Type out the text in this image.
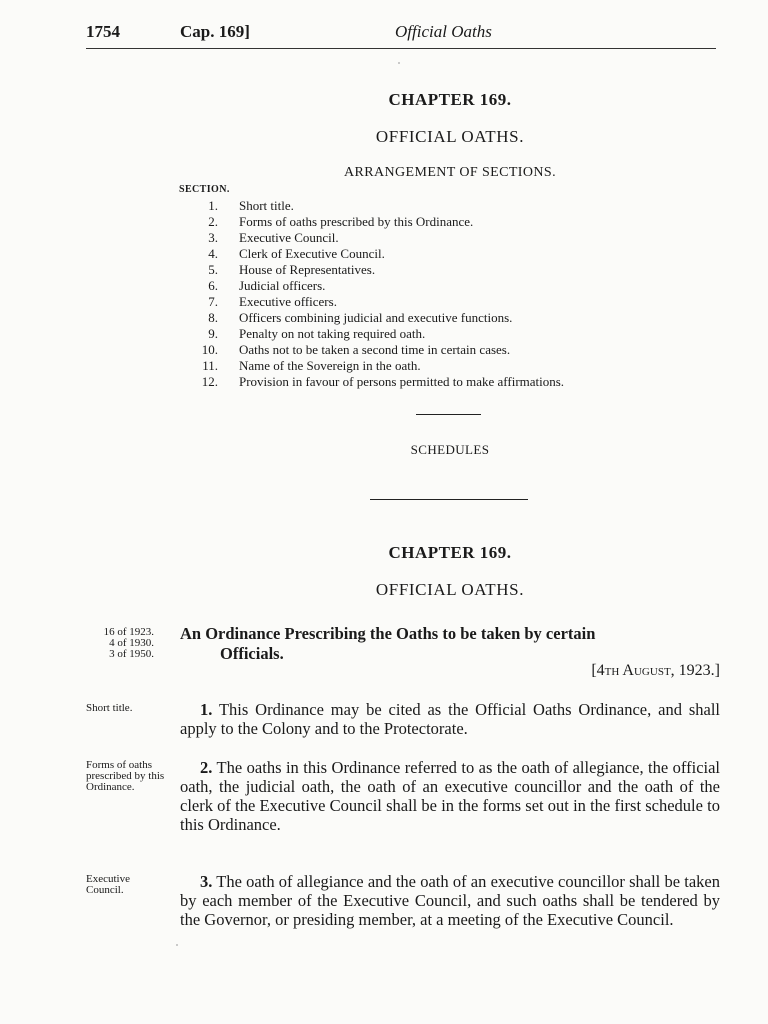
1754	Cap. 169]	Official Oaths
CHAPTER 169.
OFFICIAL OATHS.
ARRANGEMENT OF SECTIONS.
SECTION.
1.	Short title.
2.	Forms of oaths prescribed by this Ordinance.
3.	Executive Council.
4.	Clerk of Executive Council.
5.	House of Representatives.
6.	Judicial officers.
7.	Executive officers.
8.	Officers combining judicial and executive functions.
9.	Penalty on not taking required oath.
10.	Oaths not to be taken a second time in certain cases.
11.	Name of the Sovereign in the oath.
12.	Provision in favour of persons permitted to make affirmations.
SCHEDULES
CHAPTER 169.
OFFICIAL OATHS.
16 of 1923.
4 of 1930.
3 of 1950.
An Ordinance Prescribing the Oaths to be taken by certain
Officials.
[4th August, 1923.]
Short title.
Forms of oaths prescribed by this Ordinance.
Executive Council.
1. This Ordinance may be cited as the Official Oaths Ordinance, and shall apply to the Colony and to the Protectorate.
2. The oaths in this Ordinance referred to as the oath of allegiance, the official oath, the judicial oath, the oath of an executive councillor and the oath of the clerk of the Executive Council shall be in the forms set out in the first schedule to this Ordinance.
3. The oath of allegiance and the oath of an executive councillor shall be taken by each member of the Executive Council, and such oaths shall be tendered by the Governor, or presiding member, at a meeting of the Executive Council.
